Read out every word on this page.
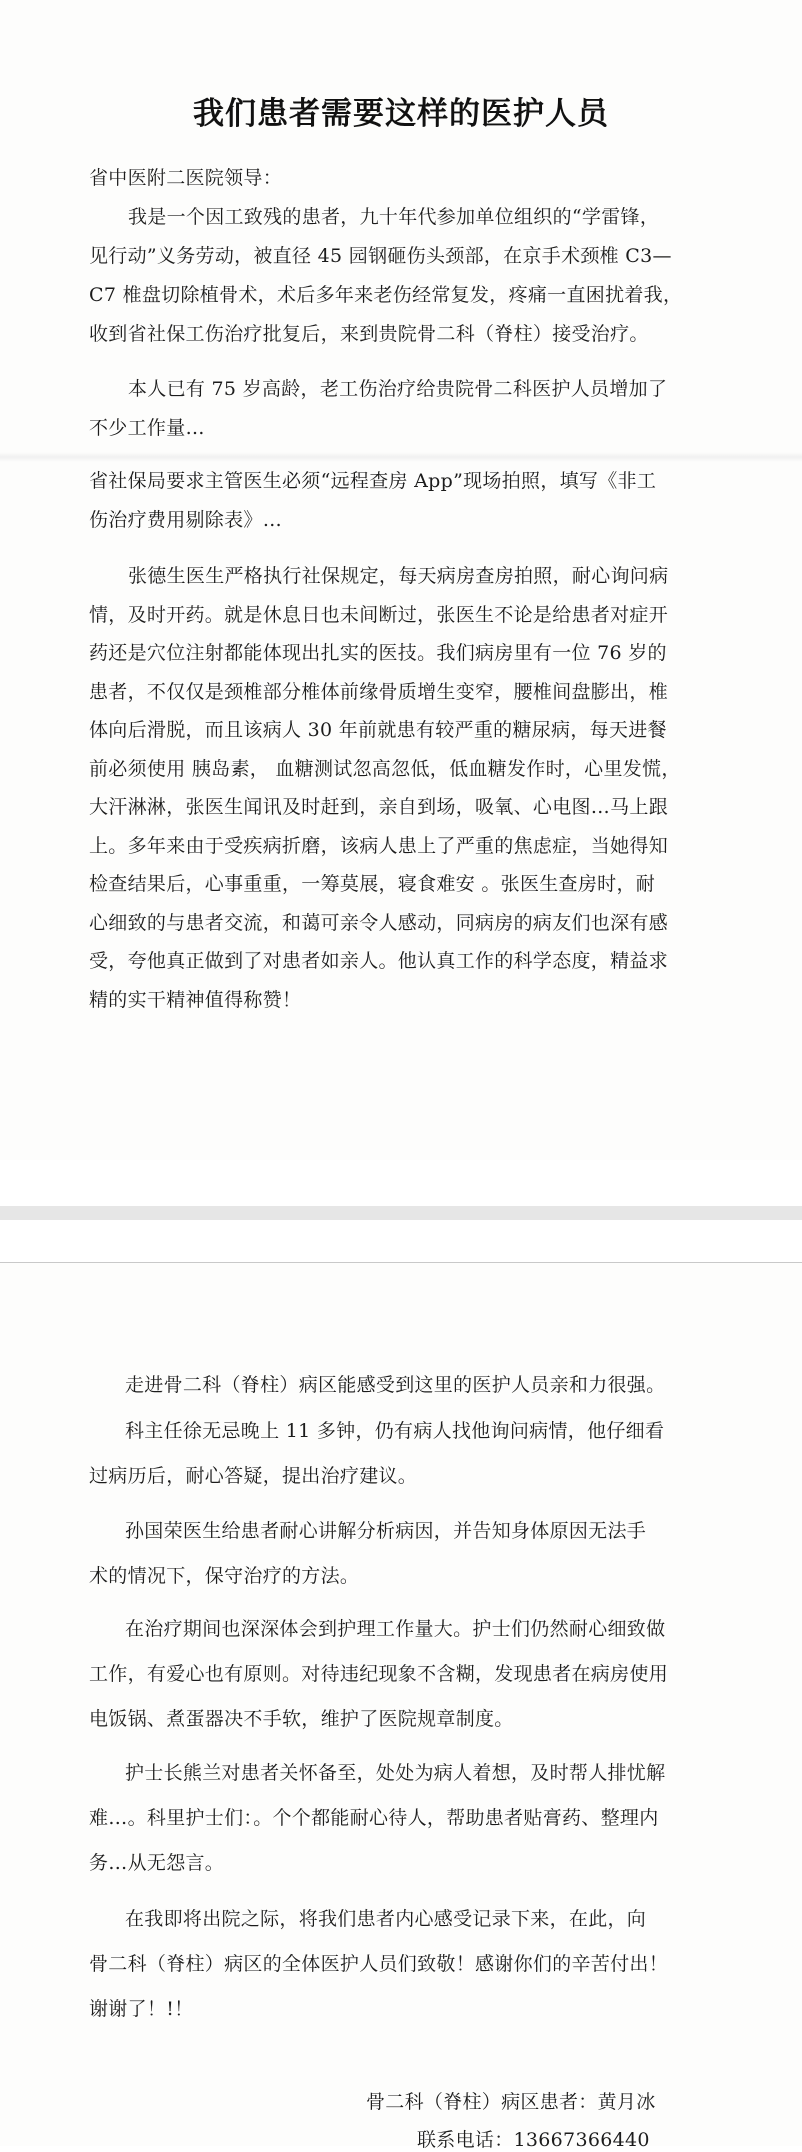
我们患者需要这样的医护人员
省中医附二医院领导：
我是一个因工致残的患者，九十年代参加单位组织的“学雷锋，
见行动”义务劳动，被直径 45 园钢砸伤头颈部，在京手术颈椎 C3—
C7 椎盘切除植骨术，术后多年来老伤经常复发，疼痛一直困扰着我，
收到省社保工伤治疗批复后，来到贵院骨二科（脊柱）接受治疗。
本人已有 75 岁高龄，老工伤治疗给贵院骨二科医护人员增加了
不少工作量…
省社保局要求主管医生必须“远程查房 App”现场拍照，填写《非工
伤治疗费用剔除表》…
张德生医生严格执行社保规定，每天病房查房拍照，耐心询问病
情，及时开药。就是休息日也未间断过，张医生不论是给患者对症开
药还是穴位注射都能体现出扎实的医技。我们病房里有一位 76 岁的
患者，不仅仅是颈椎部分椎体前缘骨质增生变窄，腰椎间盘膨出，椎
体向后滑脱，而且该病人 30 年前就患有较严重的糖尿病，每天进餐
前必须使用 胰岛素， 血糖测试忽高忽低，低血糖发作时，心里发慌，
大汗淋淋，张医生闻讯及时赶到，亲自到场，吸氧、心电图…马上跟
上。多年来由于受疾病折磨，该病人患上了严重的焦虑症，当她得知
检查结果后，心事重重，一筹莫展，寝食难安 。张医生查房时，耐
心细致的与患者交流，和蔼可亲令人感动，同病房的病友们也深有感
受，夸他真正做到了对患者如亲人。他认真工作的科学态度，精益求
精的实干精神值得称赞！
走进骨二科（脊柱）病区能感受到这里的医护人员亲和力很强。
科主任徐无忌晚上 11 多钟，仍有病人找他询问病情，他仔细看
过病历后，耐心答疑，提出治疗建议。
孙国荣医生给患者耐心讲解分析病因，并告知身体原因无法手
术的情况下，保守治疗的方法。
在治疗期间也深深体会到护理工作量大。护士们仍然耐心细致做
工作，有爱心也有原则。对待违纪现象不含糊，发现患者在病房使用
电饭锅、煮蛋器决不手软，维护了医院规章制度。
护士长熊兰对患者关怀备至，处处为病人着想，及时帮人排忧解
难…。科里护士们：。个个都能耐心待人，帮助患者贴膏药、整理内
务…从无怨言。
在我即将出院之际，将我们患者内心感受记录下来，在此，向
骨二科（脊柱）病区的全体医护人员们致敬！感谢你们的辛苦付出！
谢谢了！!！
骨二科（脊柱）病区患者：黄月冰
联系电话：13667366440
